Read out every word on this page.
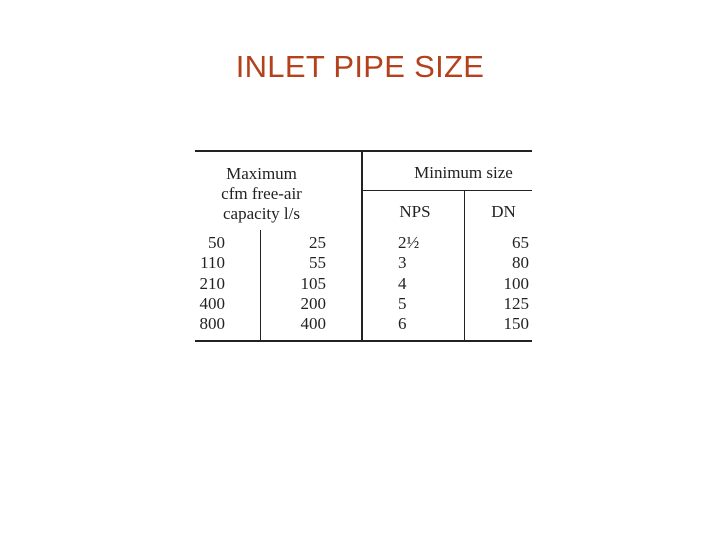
INLET PIPE SIZE
Maximum
cfm free-air
capacity l/s
Minimum size
NPS	DN
50
110
210
400
800
25
55
105
200
400
2½
3
4
5
6
65
80
100
125
150
